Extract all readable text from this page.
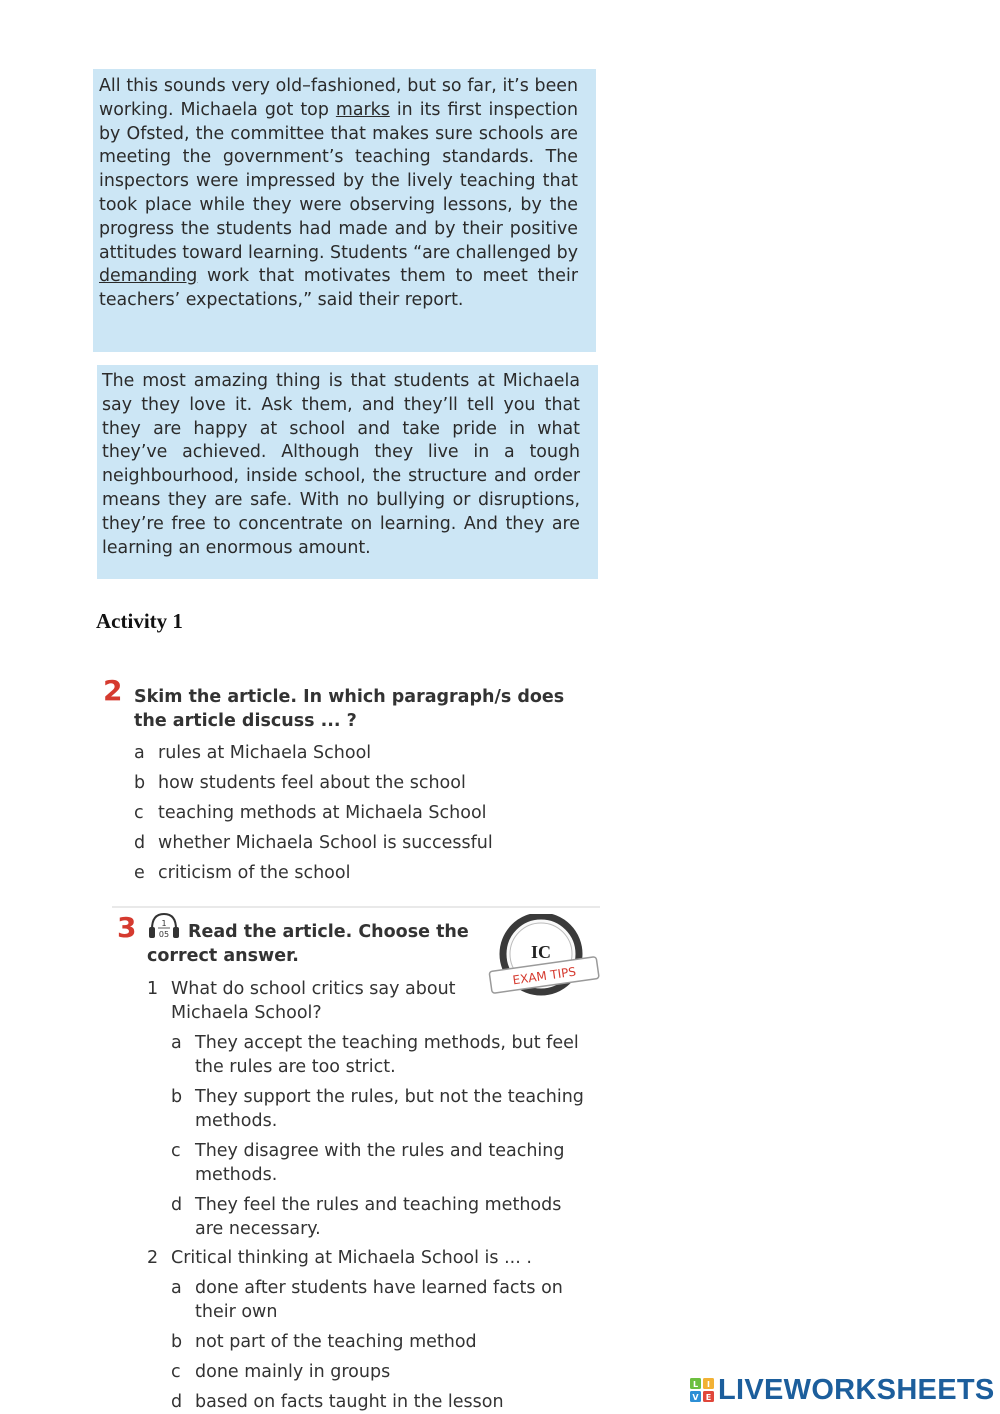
All this sounds very old–fashioned, but so far, it’s been working. Michaela got top marks in its first inspection by Ofsted, the committee that makes sure schools are meeting the government’s teaching standards. The inspectors were impressed by the lively teaching that took place while they were observing lessons, by the progress the students had made and by their positive attitudes toward learning. Students “are challenged by demanding work that motivates them to meet their teachers’ expectations,” said their report.

The most amazing thing is that students at Michaela say they love it. Ask them, and they’ll tell you that they are happy at school and take pride in what they’ve achieved. Although they live in a tough neighbourhood, inside school, the structure and order means they are safe. With no bullying or disruptions, they’re free to concentrate on learning. And they are learning an enormous amount.

Activity 1
2 Skim the article. In which paragraph/s does
the article discuss ... ?
a rules at Michaela School
b how students feel about the school
c teaching methods at Michaela School
d whether Michaela School is successful
e criticism of the school
3	1
05 Read the article. Choose the
correct answer.	IC
EXAM TIPS
1 What do school critics say about Michaela School?
a They accept the teaching methods, but feel
the rules are too strict.
b They support the rules, but not the teaching
methods.
c They disagree with the rules and teaching
methods.
d They feel the rules and teaching methods
are necessary.
2 Critical thinking at Michaela School is ... .
a done after students have learned facts on
their own
b not part of the teaching method
c done mainly in groups
d based on facts taught in the lesson
L I
V E LIVEWORKSHEETS
